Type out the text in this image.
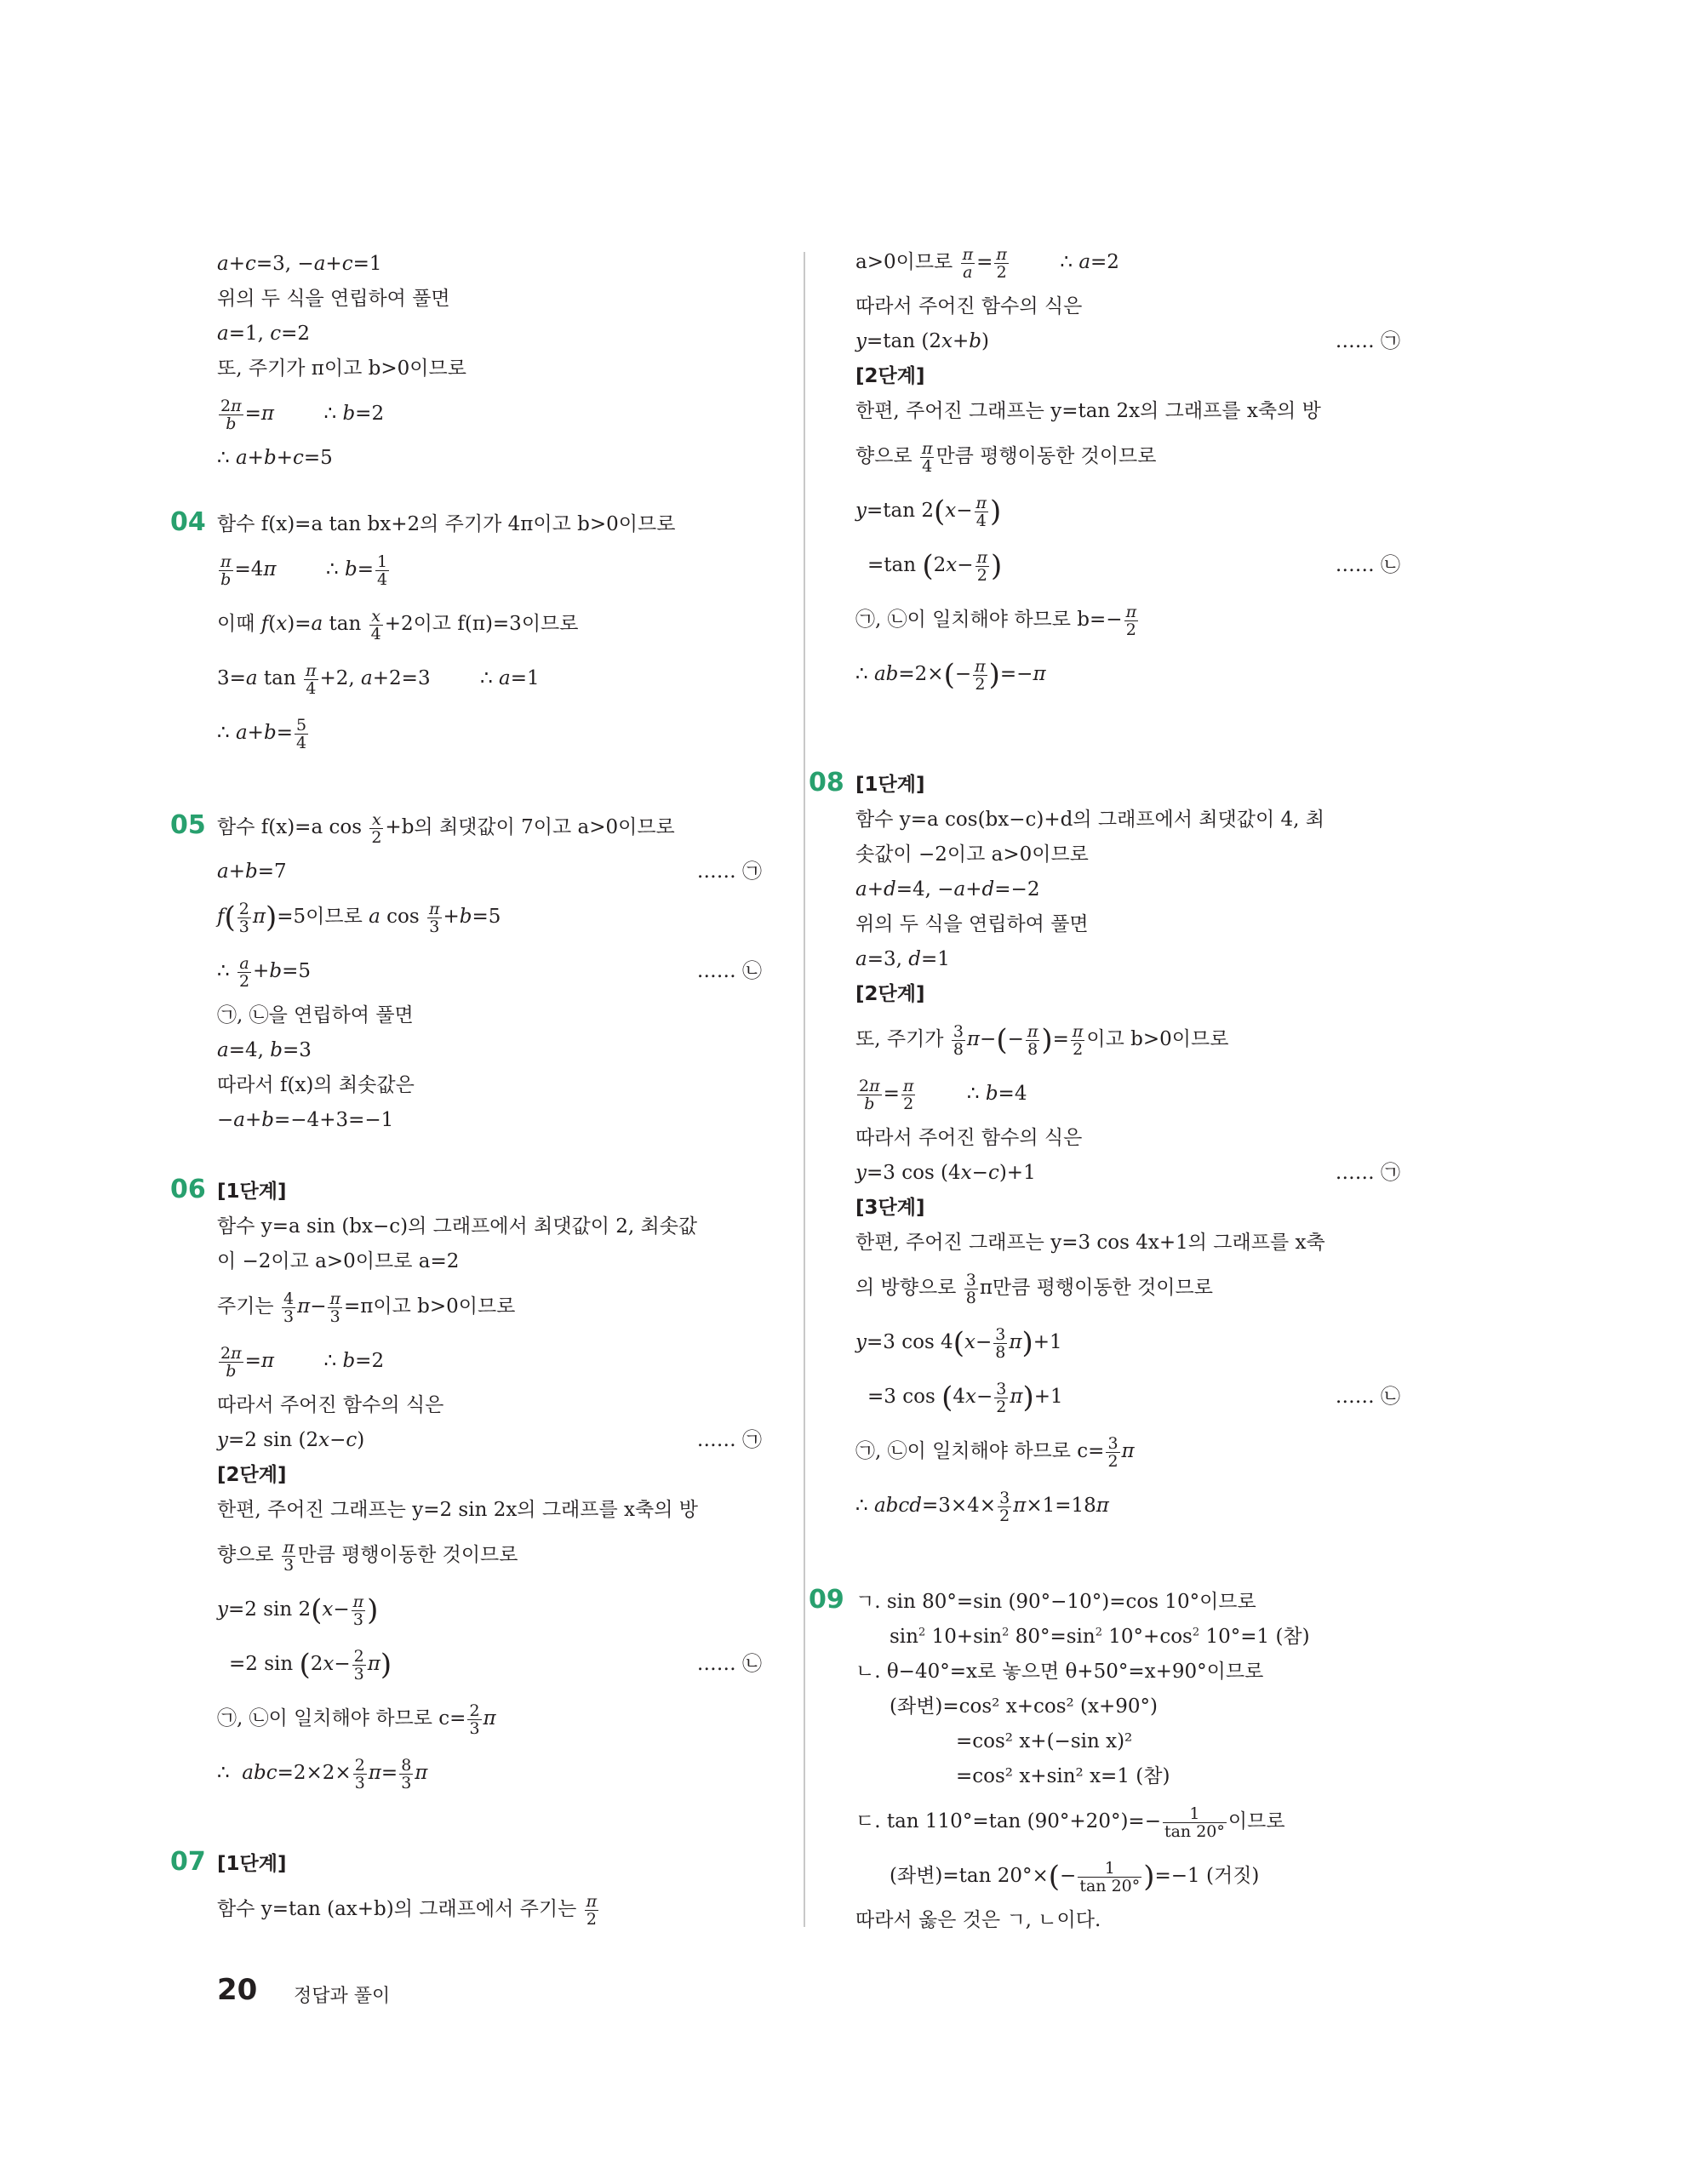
a+c=3, −a+c=1
위의 두 식을 연립하여 풀면
a=1, c=2
또, 주기가 π이고 b>0이므로
$\frac{2\pi}{b} =\pi$        ∴ b=2
∴ a+b+c=5
04 함수 f(x)=a tan bx+2의 주기가 4π이고 b>0이므로
$\frac{\pi}{b} =4\pi$        ∴ $b= \frac{1}{4}$
이때 f(x)=a $\tan \frac{x}{4} +2$이고 f(π)=3이므로
3=a $\tan \frac{\pi}{4} +2$, a+2=3        ∴ a=1
∴ $a+b= \frac{5}{4}$
05 함수 f(x)=a $\cos \frac{x}{2} +b$의 최댓값이 7이고 a>0이므로
a+b=7	…… ㉠
$f( \frac{2}{3} \pi)=5$이므로 a $\cos \frac{\pi}{3} +b=5$
∴ $\frac{a}{2} +b=5$	…… ㉡
㉠, ㉡을 연립하여 풀면
a=4, b=3
따라서 f(x)의 최솟값은
−a+b=−4+3=−1
06 [1단계]
함수 y=a sin (bx−c)의 그래프에서 최댓값이 2, 최솟값
이 −2이고 a>0이므로 a=2
주기는 $\frac{4}{3} \pi- \frac{\pi}{3} =\pi$이고 b>0이므로
$\frac{2\pi}{b} =\pi$        ∴ b=2
따라서 주어진 함수의 식은
y=2 sin (2x−c)	…… ㉠
[2단계]
한편, 주어진 그래프는 y=2 sin 2x의 그래프를 x축의 방
향으로 $\frac{\pi}{3}$ 만큼 평행이동한 것이므로
y=2 $\sin 2(x- \frac{\pi}{3}$ )
=2 $\sin (2x- \frac{2}{3} \pi)$	…… ㉡
㉠, ㉡이 일치해야 하므로 $c= \frac{2}{3}$ π
∴  $abc=2\times 2\times \frac{2}{3} \pi= \frac{8}{3}$ π
07 [1단계]
함수 y=tan (ax+b)의 그래프에서 주기는 $\frac{\pi}{2}$
a>0이므로 $\frac{\pi}{a} = \frac{\pi}{2}$ ∴ a=2
따라서 주어진 함수의 식은
y=tan (2x+b)	…… ㉠
[2단계]
한편, 주어진 그래프는 y=tan 2x의 그래프를 x축의 방
향으로 $\frac{\pi}{4}$ 만큼 평행이동한 것이므로
y=tan $2(x- \frac{\pi}{4}$ )
=tan ($2x- \frac{\pi}{2}$ )	…… ㉡
㉠, ㉡이 일치해야 하므로 $b=- \frac{\pi}{2}$
∴ $ab=2\times(- \frac{\pi}{2} )=-\pi$
08 [1단계]
함수 y=a cos(bx−c)+d의 그래프에서 최댓값이 4, 최
솟값이 −2이고 a>0이므로
a+d=4, −a+d=−2
위의 두 식을 연립하여 풀면
a=3, d=1
[2단계]
또, 주기가 $\frac{3}{8} \pi-(- \frac{\pi}{8}$ )= $\frac{\pi}{2}$ 이고 b>0이므로
$\frac{2\pi}{b} = \frac{\pi}{2}$ ∴ b=4
따라서 주어진 함수의 식은
y=3 cos (4x−c)+1	…… ㉠
[3단계]
한편, 주어진 그래프는 y=3 cos 4x+1의 그래프를 x축
의 방향으로 $\frac{3}{8}$ π만큼 평행이동한 것이므로
y=3 $\cos 4(x- \frac{3}{8} \pi)+1$
=3 $\cos (4x- \frac{3}{2} \pi)+1$	…… ㉡
㉠, ㉡이 일치해야 하므로 $c= \frac{3}{2}$ π
∴ abcd=3×4× $\frac{3}{2} \pi\times 1=18\pi$
09 ㄱ. sin 80°=sin (90°−10°)=cos 10°이므로
$\sin^2 10+\sin^2$ $80^\circ=\sin^2$ $10^\circ+\cos^2$ 10°=1 (참)
ㄴ. θ−40°=x로 놓으면 θ+50°=x+90°이므로
(좌변)=cos² x+cos² (x+90°)
=cos² x+(−sin x)²
=cos² x+sin² x=1 (참)
ㄷ. tan 110°=tan $(90^\circ+20^\circ)=- \frac{1}{\tan 20^\circ}$ 이므로
(좌변)=tan $20^\circ\times(- \frac{1}{\tan 20^\circ} )=-1$ (거짓)
따라서 옳은 것은 ㄱ, ㄴ이다.
20 정답과 풀이
